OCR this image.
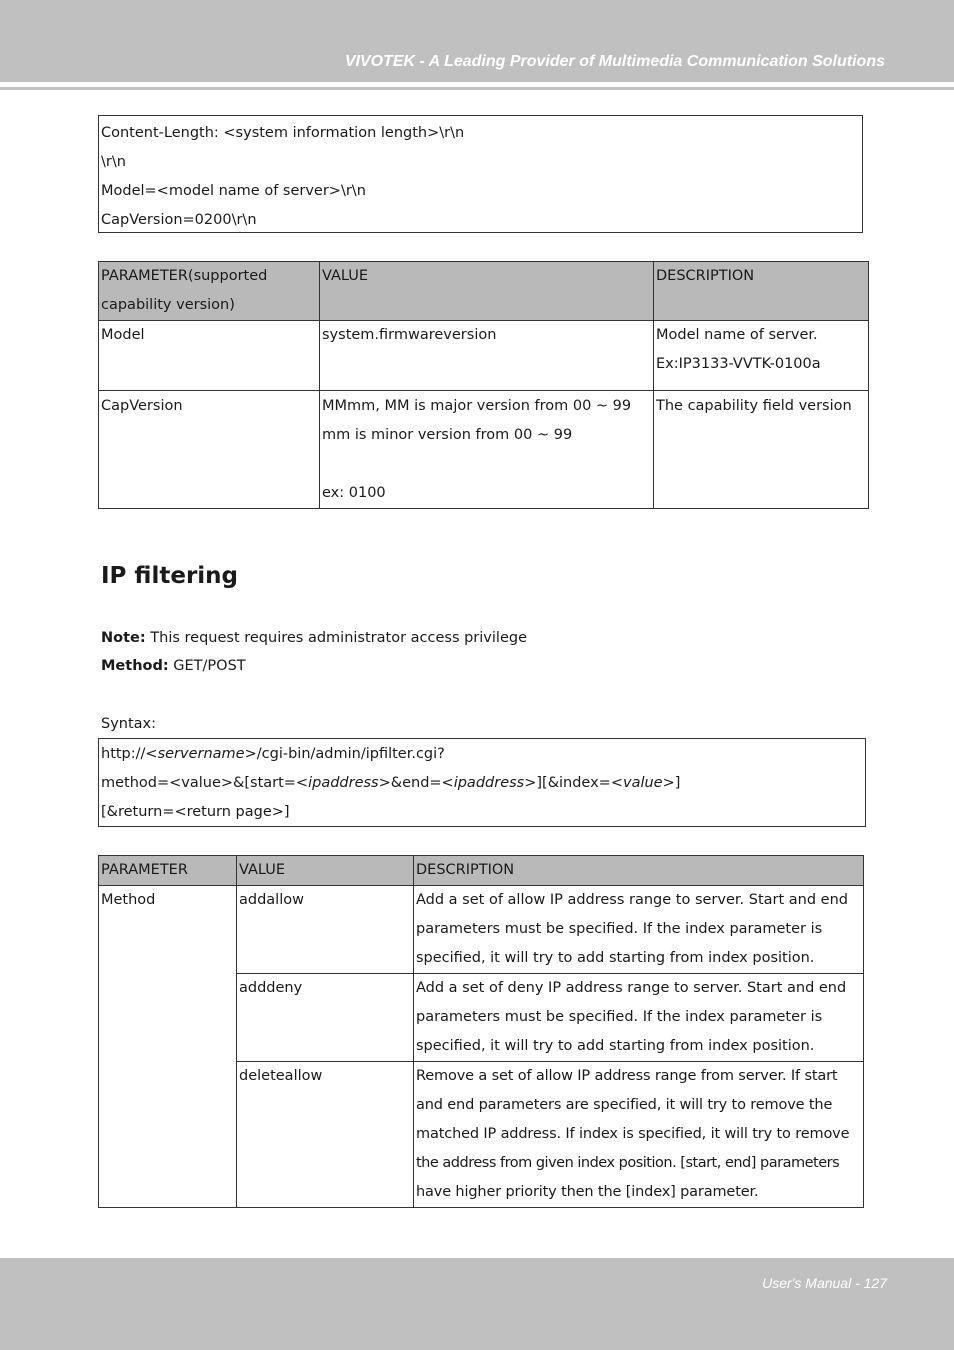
VIVOTEK - A Leading Provider of Multimedia Communication Solutions
Content-Length: <system information length>\r\n
\r\n
Model=<model name of server>\r\n
CapVersion=0200\r\n
PARAMETER(supported
capability version)	VALUE	DESCRIPTION
Model	system.firmwareversion	Model name of server.
Ex:IP3133-VVTK-0100a

CapVersion	MMmm, MM is major version from 00 ~ 99
mm is minor version from 00 ~ 99
ex: 0100	The capability field version
IP filtering
Note: This request requires administrator access privilege
Method: GET/POST
Syntax:
http://<servername>/cgi-bin/admin/ipfilter.cgi?
method=<value>&[start=<ipaddress>&end=<ipaddress>][&index=<value>]
[&return=<return page>]
PARAMETER	VALUE	DESCRIPTION
Method	addallow	Add a set of allow IP address range to server. Start and end
parameters must be specified. If the index parameter is
specified, it will try to add starting from index position.

	adddeny	Add a set of deny IP address range to server. Start and end
parameters must be specified. If the index parameter is
specified, it will try to add starting from index position.

	deleteallow	Remove a set of allow IP address range from server. If start
and end parameters are specified, it will try to remove the
matched IP address. If index is specified, it will try to remove
the address from given index position. [start, end] parameters
have higher priority then the [index] parameter.
User's Manual - 127
